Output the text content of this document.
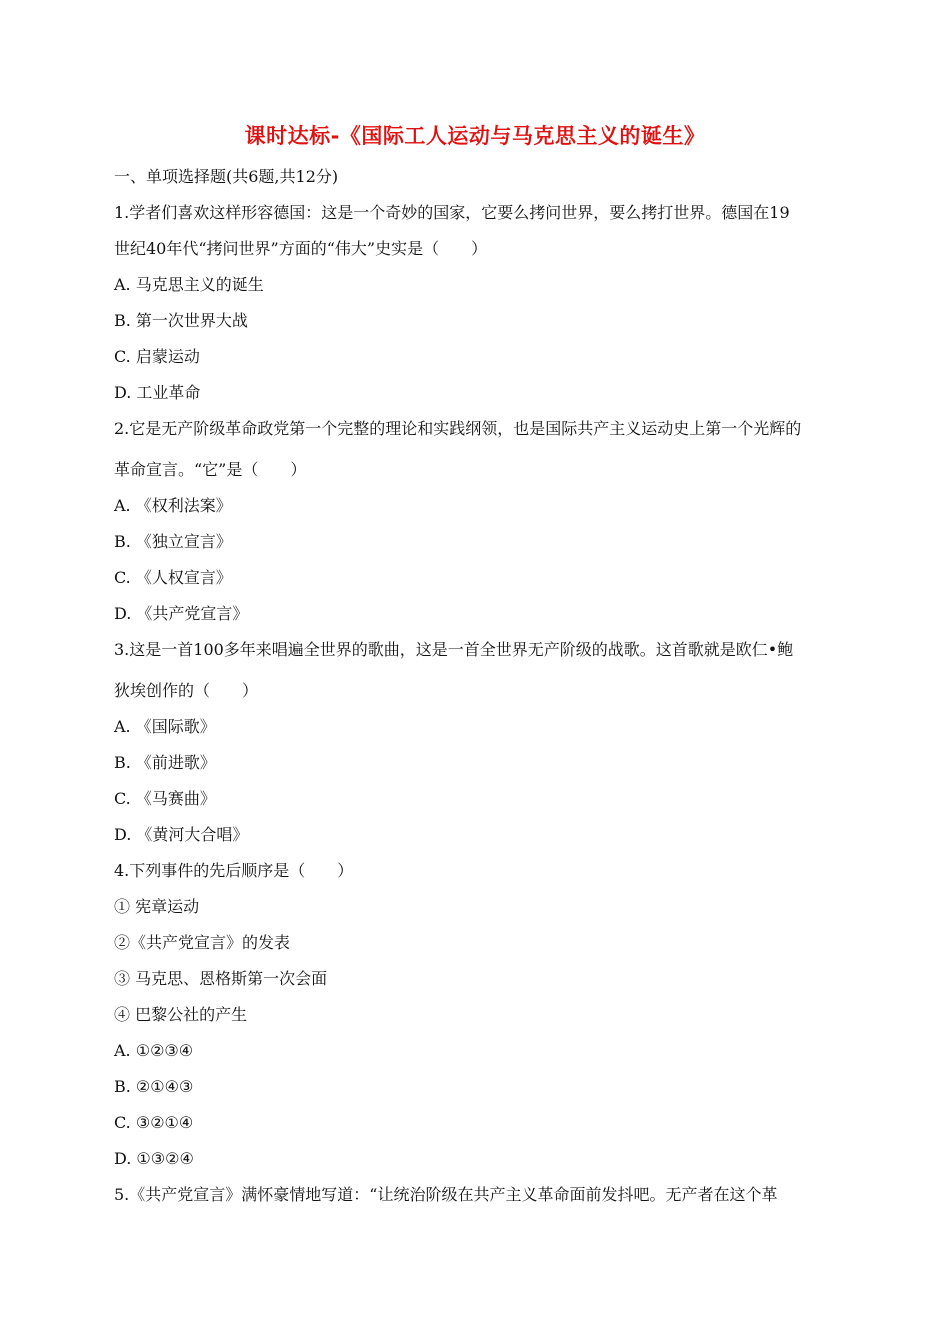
课时达标-《国际工人运动与马克思主义的诞生》
一、单项选择题(共6题,共12分)
1.学者们喜欢这样形容德国：这是一个奇妙的国家，它要么拷问世界，要么拷打世界。德国在19
世纪40年代“拷问世界”方面的“伟大”史实是（　　）
A. 马克思主义的诞生
B. 第一次世界大战
C. 启蒙运动
D. 工业革命
2.它是无产阶级革命政党第一个完整的理论和实践纲领，也是国际共产主义运动史上第一个光辉的
革命宣言。“它”是（　　）
A. 《权利法案》
B. 《独立宣言》
C. 《人权宣言》
D. 《共产党宣言》
3.这是一首100多年来唱遍全世界的歌曲，这是一首全世界无产阶级的战歌。这首歌就是欧仁•鲍
狄埃创作的（　　）
A. 《国际歌》
B. 《前进歌》
C. 《马赛曲》
D. 《黄河大合唱》
4.下列事件的先后顺序是（　　）
① 宪章运动
②《共产党宣言》的发表
③ 马克思、恩格斯第一次会面
④ 巴黎公社的产生
A. ①②③④
B. ②①④③
C. ③②①④
D. ①③②④
5.《共产党宣言》满怀豪情地写道：“让统治阶级在共产主义革命面前发抖吧。无产者在这个革
